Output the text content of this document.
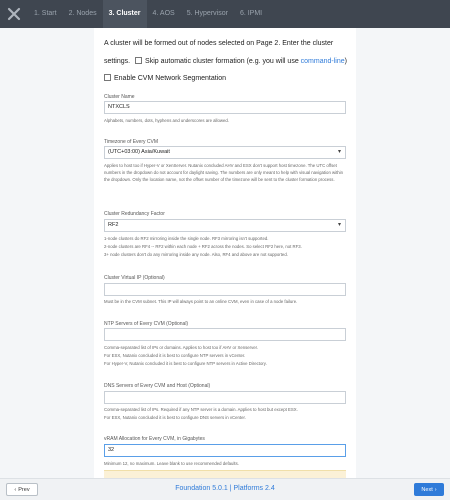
1. Start	2. Nodes	3. Cluster	4. AOS	5. Hypervisor	6. IPMI
A cluster will be formed out of nodes selected on Page 2. Enter the cluster
settings. Skip automatic cluster formation (e.g. you will use command-line)
Enable CVM Network Segmentation
Cluster Name
NTXCLS
Alphabets, numbers, dots, hyphens and underscores are allowed.
Timezone of Every CVM
(UTC+03:00) Asia/Kuwait	▾
Applies to host too if Hyper-V or XenServer. Nutanix concluded AHV and ESX don't support host timezone. The UTC offset numbers in the dropdown do not account for daylight saving. The numbers are only meant to help with visual navigation within the dropdown. Only the location name, not the offset number of the timezone will be sent to the cluster formation process.
Cluster Redundancy Factor
RF2	▾
1-node clusters do RF2 mirroring inside the single node. RF3 mirroring isn't supported.
2-node clusters are RF4 -- RF2 within each node + RF2 across the nodes. So select RF2 here, not RF3.
3+ node clusters don't do any mirroring inside any node. Also, RF4 and above are not supported.
Cluster Virtual IP (Optional)
Must be in the CVM subnet. This IP will always point to an online CVM, even in case of a node failure.
NTP Servers of Every CVM (Optional)
Comma-separated list of IPs or domains. Applies to host too if AHV or Xenserver.
For ESX, Nutanix concluded it is best to configure NTP servers in vCenter.
For Hyper-V, Nutanix concluded it is best to configure NTP servers in Active Directory.
DNS Servers of Every CVM and Host (Optional)
Comma-separated list of IPs. Required if any NTP server is a domain. Applies to host but except ESX.
For ESX, Nutanix concluded it is best to configure DNS servers in vCenter.
vRAM Allocation for Every CVM, in Gigabytes
32
Minimum 12, no maximum. Leave blank to use recommended defaults.
‹ Prev	Foundation 5.0.1 | Platforms 2.4	Next ›
